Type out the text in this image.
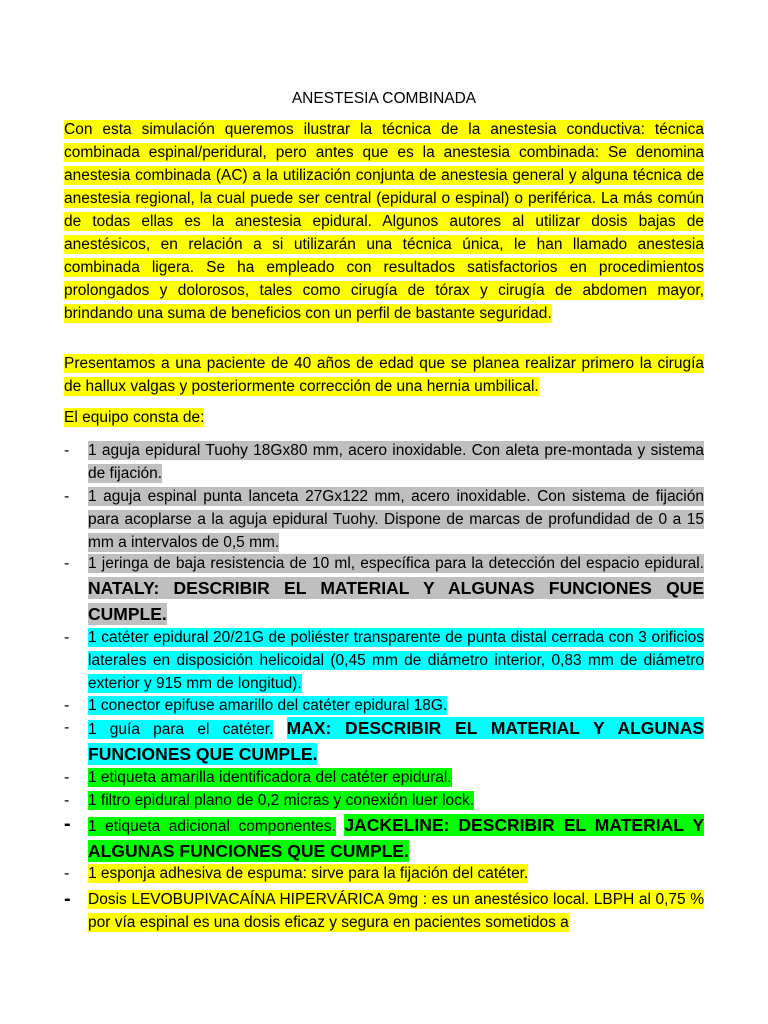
ANESTESIA COMBINADA
Con esta simulación queremos ilustrar la técnica de la anestesia conductiva: técnica combinada espinal/peridural, pero antes que es la anestesia combinada: Se denomina anestesia combinada (AC) a la utilización conjunta de anestesia general y alguna técnica de anestesia regional, la cual puede ser central (epidural o espinal) o periférica. La más común de todas ellas es la anestesia epidural. Algunos autores al utilizar dosis bajas de anestésicos, en relación a si utilizarán una técnica única, le han llamado anestesia combinada ligera. Se ha empleado con resultados satisfactorios en procedimientos prolongados y dolorosos, tales como cirugía de tórax y cirugía de abdomen mayor, brindando una suma de beneficios con un perfil de bastante seguridad.
Presentamos a una paciente de 40 años de edad que se planea realizar primero la cirugía de hallux valgas y posteriormente corrección de una hernia umbilical.
El equipo consta de:
-	1 aguja epidural Tuohy 18Gx80 mm, acero inoxidable. Con aleta pre-montada y sistema de fijación.
-	1 aguja espinal punta lanceta 27Gx122 mm, acero inoxidable. Con sistema de fijación para acoplarse a la aguja epidural Tuohy. Dispone de marcas de profundidad de 0 a 15 mm a intervalos de 0,5 mm.
-	1 jeringa de baja resistencia de 10 ml, específica para la detección del espacio epidural. NATALY: DESCRIBIR EL MATERIAL Y ALGUNAS FUNCIONES QUE CUMPLE.
-	1 catéter epidural 20/21G de poliéster transparente de punta distal cerrada con 3 orificios laterales en disposición helicoidal (0,45 mm de diámetro interior, 0,83 mm de diámetro exterior y 915 mm de longitud).
-	1 conector epifuse amarillo del catéter epidural 18G.
-	1 guía para el catéter. MAX: DESCRIBIR EL MATERIAL Y ALGUNAS FUNCIONES QUE CUMPLE.
-	1 etiqueta amarilla identificadora del catéter epidural.
-	1 filtro epidural plano de 0,2 micras y conexión luer lock.
-	1 etiqueta adicional componentes. JACKELINE: DESCRIBIR EL MATERIAL Y ALGUNAS FUNCIONES QUE CUMPLE.
-	1 esponja adhesiva de espuma: sirve para la fijación del catéter.
-	Dosis LEVOBUPIVACAÍNA HIPERVÁRICA 9mg : es un anestésico local. LBPH al 0,75 % por vía espinal es una dosis eficaz y segura en pacientes sometidos a
